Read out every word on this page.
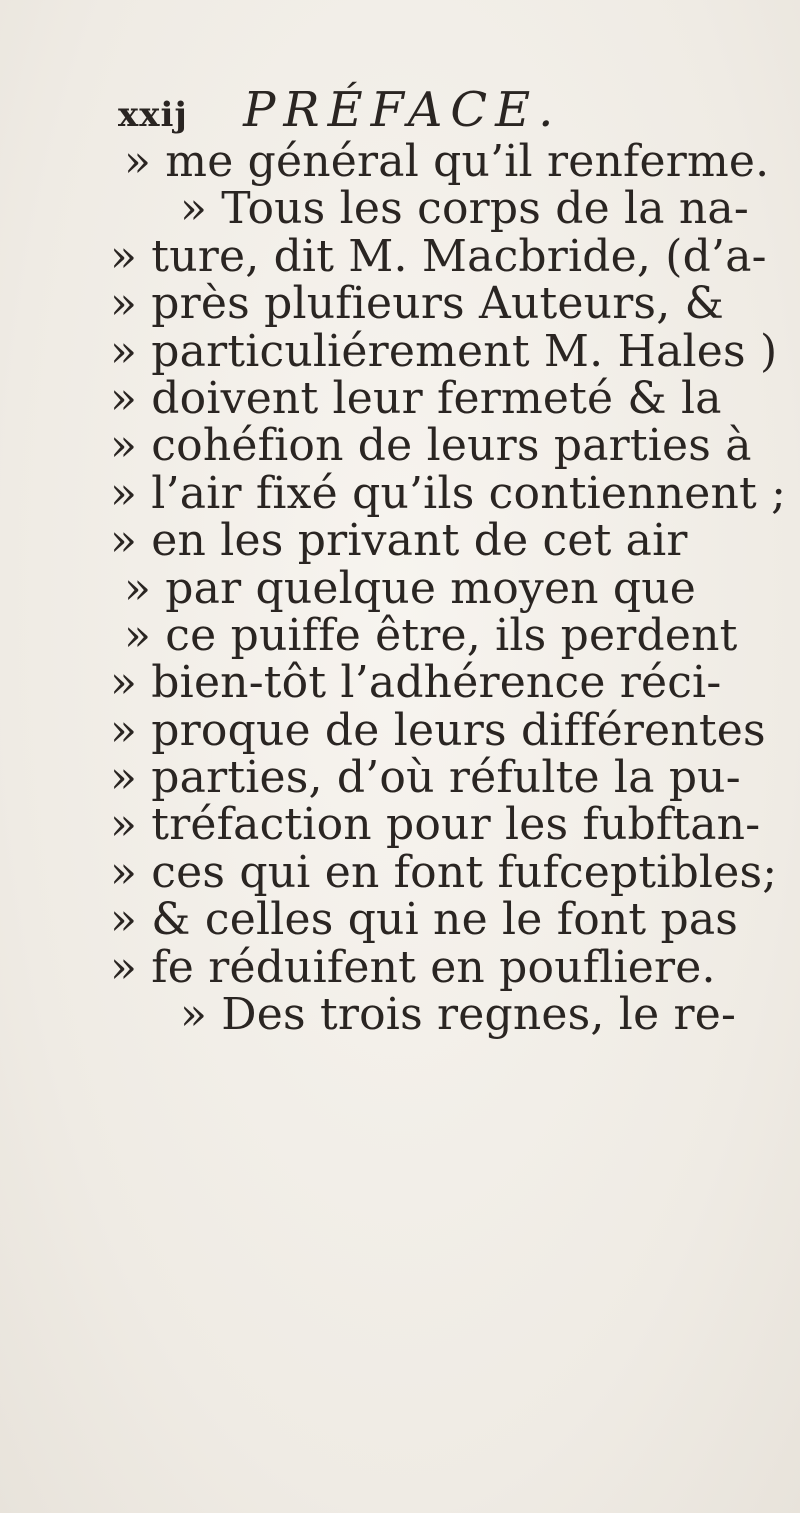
xxij PRÉFACE.
» me général qu’il renferme.
» Tous les corps de la na-
» ture, dit M. Macbride, (d’a-
» près plufieurs Auteurs, &
» particuliérement M. Hales )
» doivent leur fermeté & la
» cohéfion de leurs parties à
» l’air fixé qu’ils contiennent ;
» en les privant de cet air
» par quelque moyen que
» ce puiffe être, ils perdent
» bien-tôt l’adhérence réci-
» proque de leurs différentes
» parties, d’où réfulte la pu-
» tréfaction pour les fubftan-
» ces qui en font fufceptibles;
» & celles qui ne le font pas
» fe réduifent en poufliere.
» Des trois regnes, le re-
